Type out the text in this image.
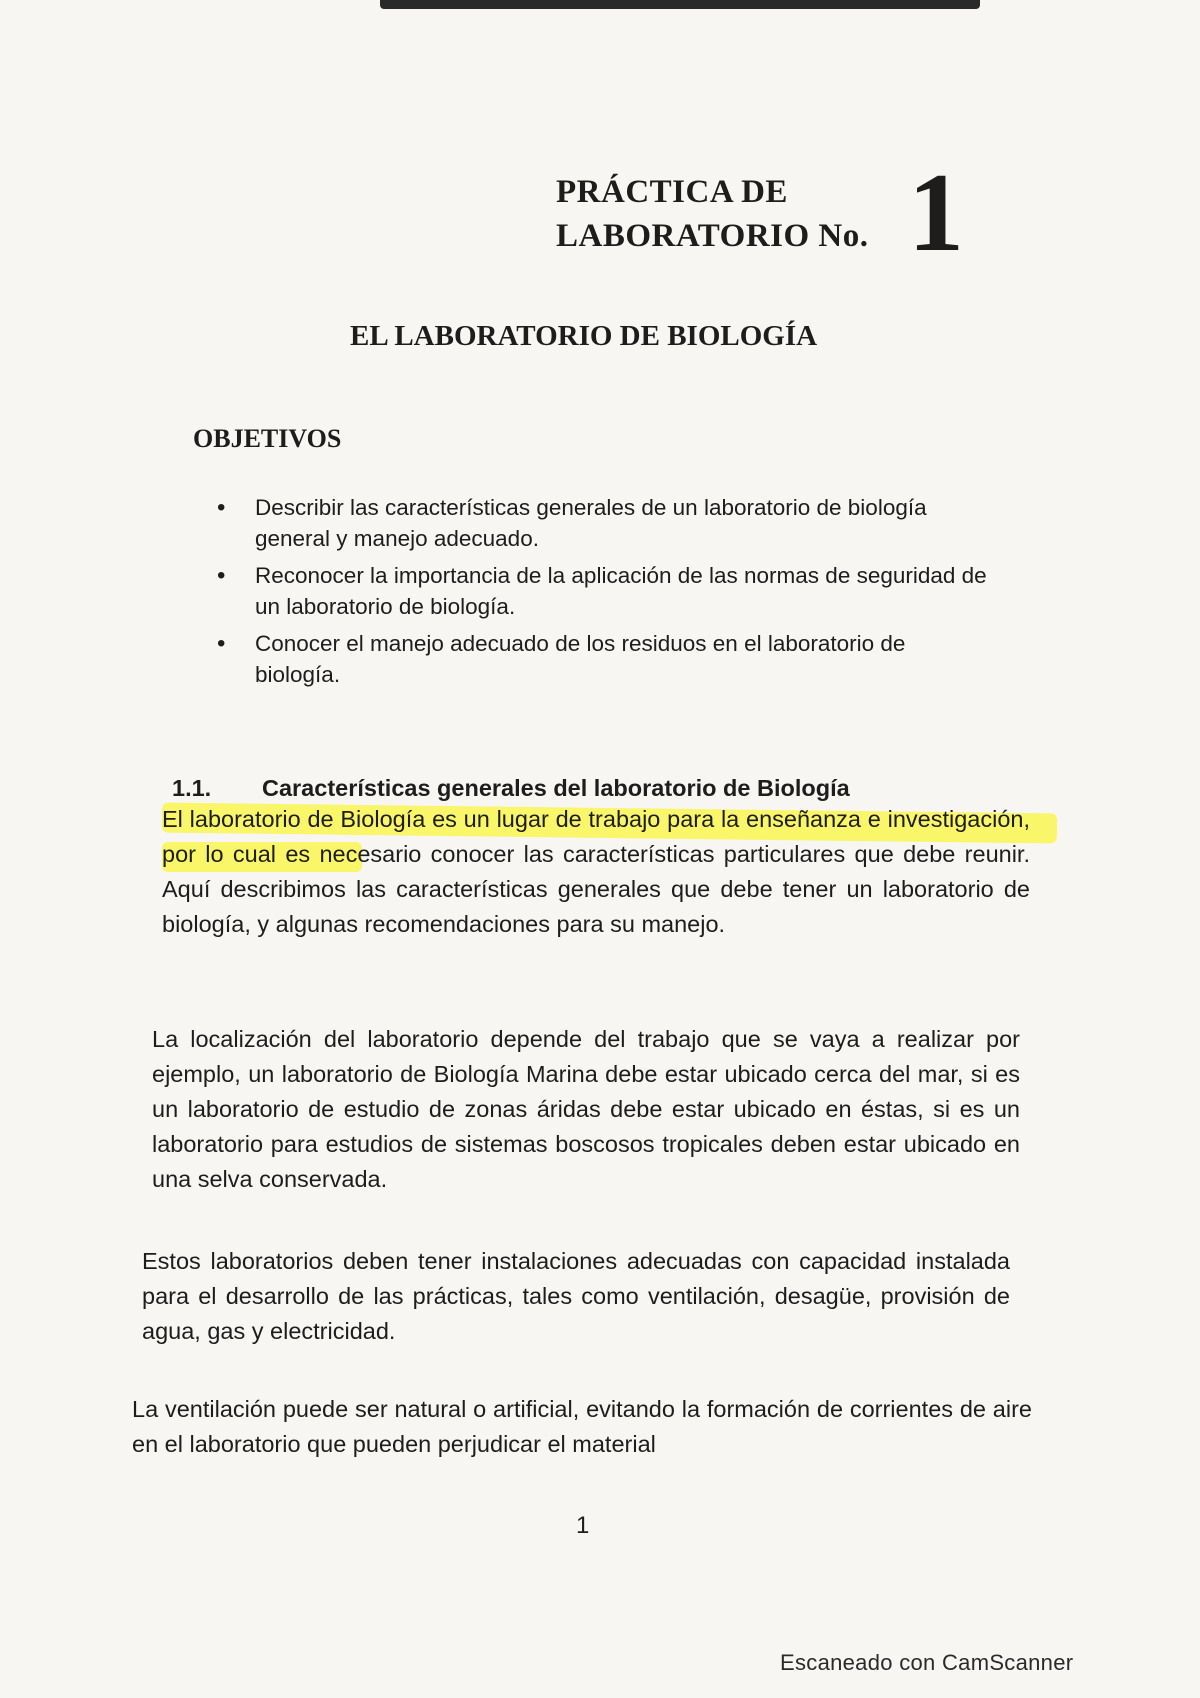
PRÁCTICA DE
LABORATORIO No. 1
EL LABORATORIO DE BIOLOGÍA
OBJETIVOS
• Describir las características generales de un laboratorio de biología general y manejo adecuado.
• Reconocer la importancia de la aplicación de las normas de seguridad de un laboratorio de biología.
• Conocer el manejo adecuado de los residuos en el laboratorio de biología.
1.1. Características generales del laboratorio de Biología

El laboratorio de Biología es un lugar de trabajo para la enseñanza e investigación, por lo cual es necesario conocer las características particulares que debe reunir. Aquí describimos las características generales que debe tener un laboratorio de biología, y algunas recomendaciones para su manejo.

La localización del laboratorio depende del trabajo que se vaya a realizar por ejemplo, un laboratorio de Biología Marina debe estar ubicado cerca del mar, si es un laboratorio de estudio de zonas áridas debe estar ubicado en éstas, si es un laboratorio para estudios de sistemas boscosos tropicales deben estar ubicado en una selva conservada.

Estos laboratorios deben tener instalaciones adecuadas con capacidad instalada para el desarrollo de las prácticas, tales como ventilación, desagüe, provisión de agua, gas y electricidad.

La ventilación puede ser natural o artificial, evitando la formación de corrientes de aire en el laboratorio que pueden perjudicar el material

1
Escaneado con CamScanner
